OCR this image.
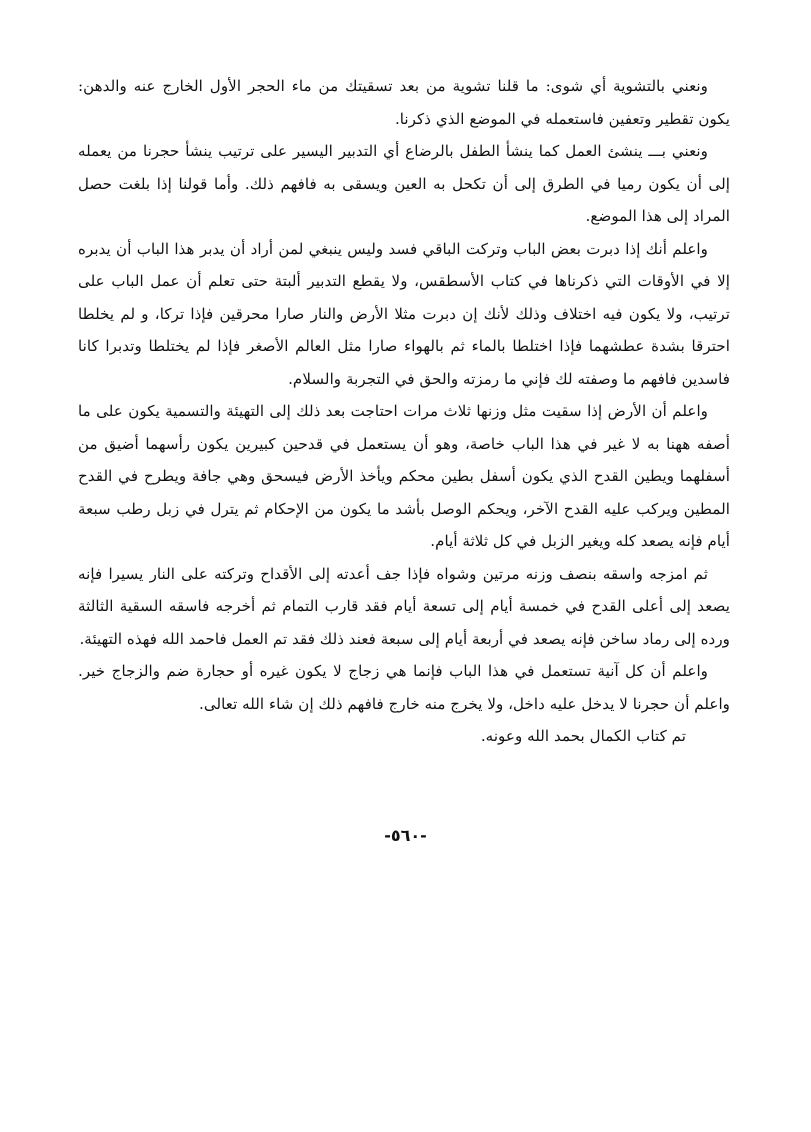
ونعني بالتشوية أي شوى: ما قلنا تشوية من بعد تسقيتك من ماء الحجر الأول الخارج عنه والدهن: يكون تقطير وتعفين فاستعمله في الموضع الذي ذكرنا.

ونعني بـــ ينشئ العمل كما ينشأ الطفل بالرضاع أي التدبير اليسير على ترتيب ينشأ حجرنا من يعمله إلى أن يكون رميا في الطرق إلى أن تكحل به العين ويسقى به فافهم ذلك. وأما قولنا إذا بلغت حصل المراد إلى هذا الموضع.

واعلم أنك إذا دبرت بعض الباب وتركت الباقي فسد وليس ينبغي لمن أراد أن يدبر هذا الباب أن يدبره إلا في الأوقات التي ذكرناها في كتاب الأسطقس، ولا يقطع التدبير ألبتة حتى تعلم أن عمل الباب على ترتيب، ولا يكون فيه اختلاف وذلك لأنك إن دبرت مثلا الأرض والنار صارا محرقين فإذا تركا، و لم يخلطا احترقا بشدة عطشهما فإذا اختلطا بالماء ثم بالهواء صارا مثل العالم الأصغر فإذا لم يختلطا وتدبرا كانا فاسدين فافهم ما وصفته لك فإني ما رمزته والحق في التجربة والسلام.

واعلم أن الأرض إذا سقيت مثل وزنها ثلاث مرات احتاجت بعد ذلك إلى التهيئة والتسمية يكون على ما أصفه ههنا به لا غير في هذا الباب خاصة، وهو أن يستعمل في قدحين كبيرين يكون رأسهما أضيق من أسفلهما ويطين القدح الذي يكون أسفل بطين محكم ويأخذ الأرض فيسحق وهي جافة ويطرح في القدح المطين ويركب عليه القدح الآخر، ويحكم الوصل بأشد ما يكون من الإحكام ثم يترل في زبل رطب سبعة أيام فإنه يصعد كله ويغير الزبل في كل ثلاثة أيام.

ثم امزجه واسقه بنصف وزنه مرتين وشواه فإذا جف أعدته إلى الأقداح وتركته على النار يسيرا فإنه يصعد إلى أعلى القدح في خمسة أيام إلى تسعة أيام فقد قارب التمام ثم أخرجه فاسقه السقية الثالثة ورده إلى رماد ساخن فإنه يصعد في أربعة أيام إلى سبعة فعند ذلك فقد تم العمل فاحمد الله فهذه التهيئة.

واعلم أن كل آنية تستعمل في هذا الباب فإنما هي زجاج لا يكون غيره أو حجارة ضم والزجاج خير. واعلم أن حجرنا لا يدخل عليه داخل، ولا يخرج منه خارج فافهم ذلك إن شاء الله تعالى.

تم كتاب الكمال بحمد الله وعونه.

-٥٦٠-
